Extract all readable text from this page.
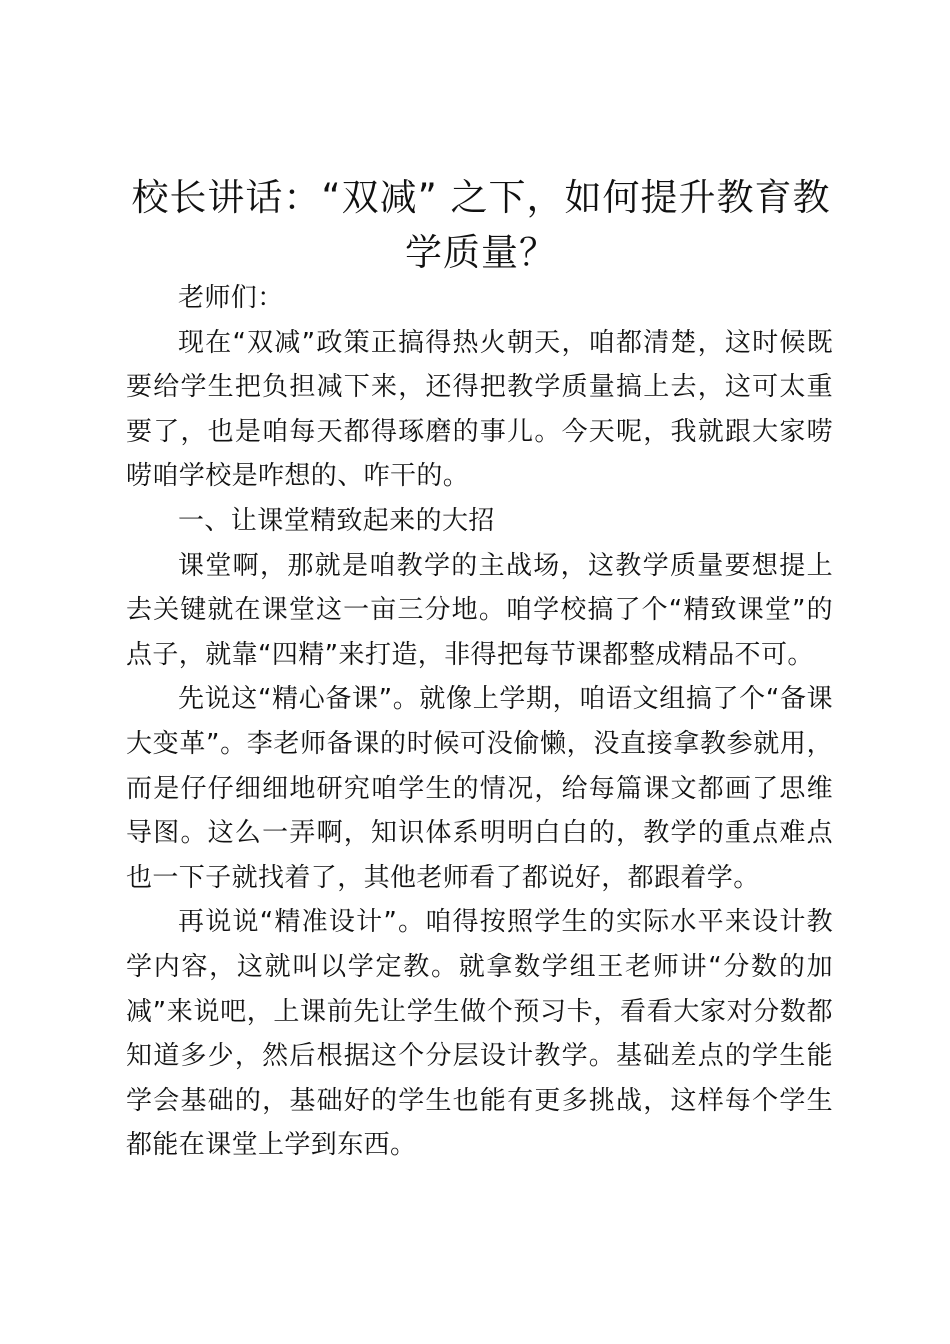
校长讲话：“双减” 之下，如何提升教育教学质量？

老师们：

现在“双减”政策正搞得热火朝天，咱都清楚，这时候既要给学生把负担减下来，还得把教学质量搞上去，这可太重要了，也是咱每天都得琢磨的事儿。今天呢，我就跟大家唠唠咱学校是咋想的、咋干的。

一、让课堂精致起来的大招

课堂啊，那就是咱教学的主战场，这教学质量要想提上去关键就在课堂这一亩三分地。咱学校搞了个“精致课堂”的点子，就靠“四精”来打造，非得把每节课都整成精品不可。

先说这“精心备课”。就像上学期，咱语文组搞了个“备课大变革”。李老师备课的时候可没偷懒，没直接拿教参就用，而是仔仔细细地研究咱学生的情况，给每篇课文都画了思维导图。这么一弄啊，知识体系明明白白的，教学的重点难点也一下子就找着了，其他老师看了都说好，都跟着学。

再说说“精准设计”。咱得按照学生的实际水平来设计教学内容，这就叫以学定教。就拿数学组王老师讲“分数的加减”来说吧，上课前先让学生做个预习卡，看看大家对分数都知道多少，然后根据这个分层设计教学。基础差点的学生能学会基础的，基础好的学生也能有更多挑战，这样每个学生都能在课堂上学到东西。
